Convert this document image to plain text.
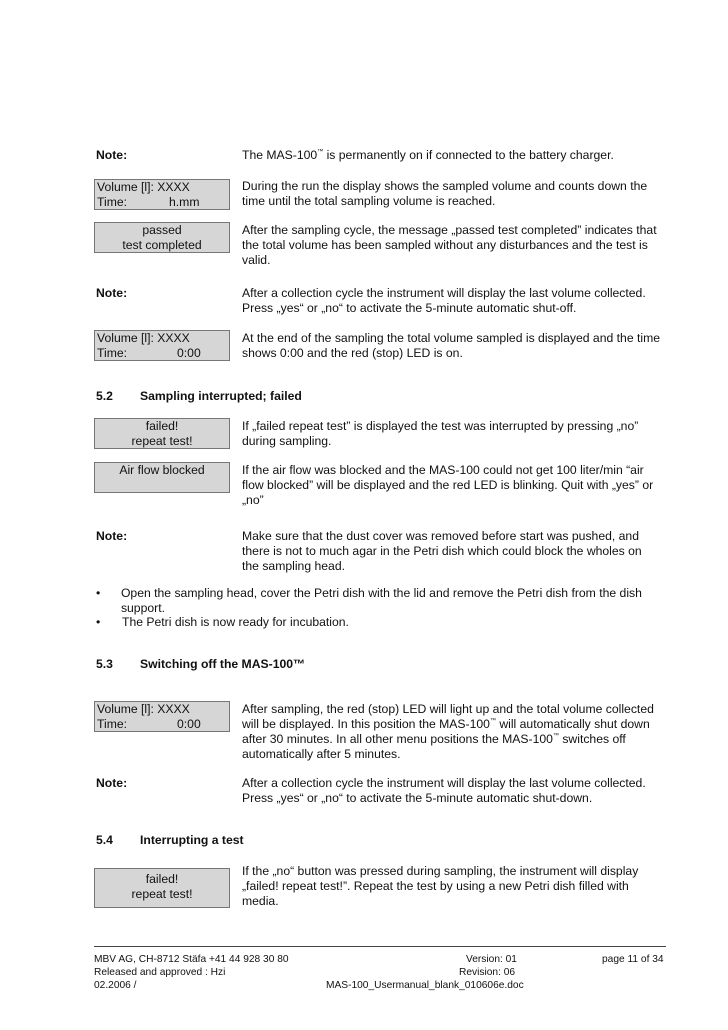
Note:	The MAS-100™ is permanently on if connected to the battery charger.
Volume [l]: XXXX
Time:	h.mm
During the run the display shows the sampled volume and counts down the time until the total sampling volume is reached.
passed
test completed
After the sampling cycle, the message „passed test completed” indicates that the total volume has been sampled without any disturbances and the test is valid.
Note:	After a collection cycle the instrument will display the last volume collected. Press „yes“ or „no“ to activate the 5-minute automatic shut-off.
Volume [l]: XXXX
Time:	0:00
At the end of the sampling the total volume sampled is displayed and the time shows 0:00 and the red (stop) LED is on.
5.2 Sampling interrupted; failed
failed!
repeat test!
If „failed repeat test” is displayed the test was interrupted by pressing „no” during sampling.
Air flow blocked	If the air flow was blocked and the MAS-100 could not get 100 liter/min “air flow blocked” will be displayed and the red LED is blinking. Quit with „yes” or „no”
Note:	Make sure that the dust cover was removed before start was pushed, and there is not to much agar in the Petri dish which could block the wholes on the sampling head.
•	Open the sampling head, cover the Petri dish with the lid and remove the Petri dish from the dish support.
•	The Petri dish is now ready for incubation.
5.3 Switching off the MAS-100™
Volume [l]: XXXX
Time:	0:00
After sampling, the red (stop) LED will light up and the total volume collected will be displayed. In this position the MAS-100™ will automatically shut down after 30 minutes. In all other menu positions the MAS-100™ switches off automatically after 5 minutes.
Note:	After a collection cycle the instrument will display the last volume collected. Press „yes“ or „no“ to activate the 5-minute automatic shut-down.
5.4 Interrupting a test
failed!
repeat test!
If the „no“ button was pressed during sampling, the instrument will display „failed! repeat test!”. Repeat the test by using a new Petri dish filled with media.
MBV AG, CH-8712 Stäfa +41 44 928 30 80	Version: 01	page 11 of 34
Released and approved : Hzi	Revision: 06
02.2006 /	MAS-100_Usermanual_blank_010606e.doc
